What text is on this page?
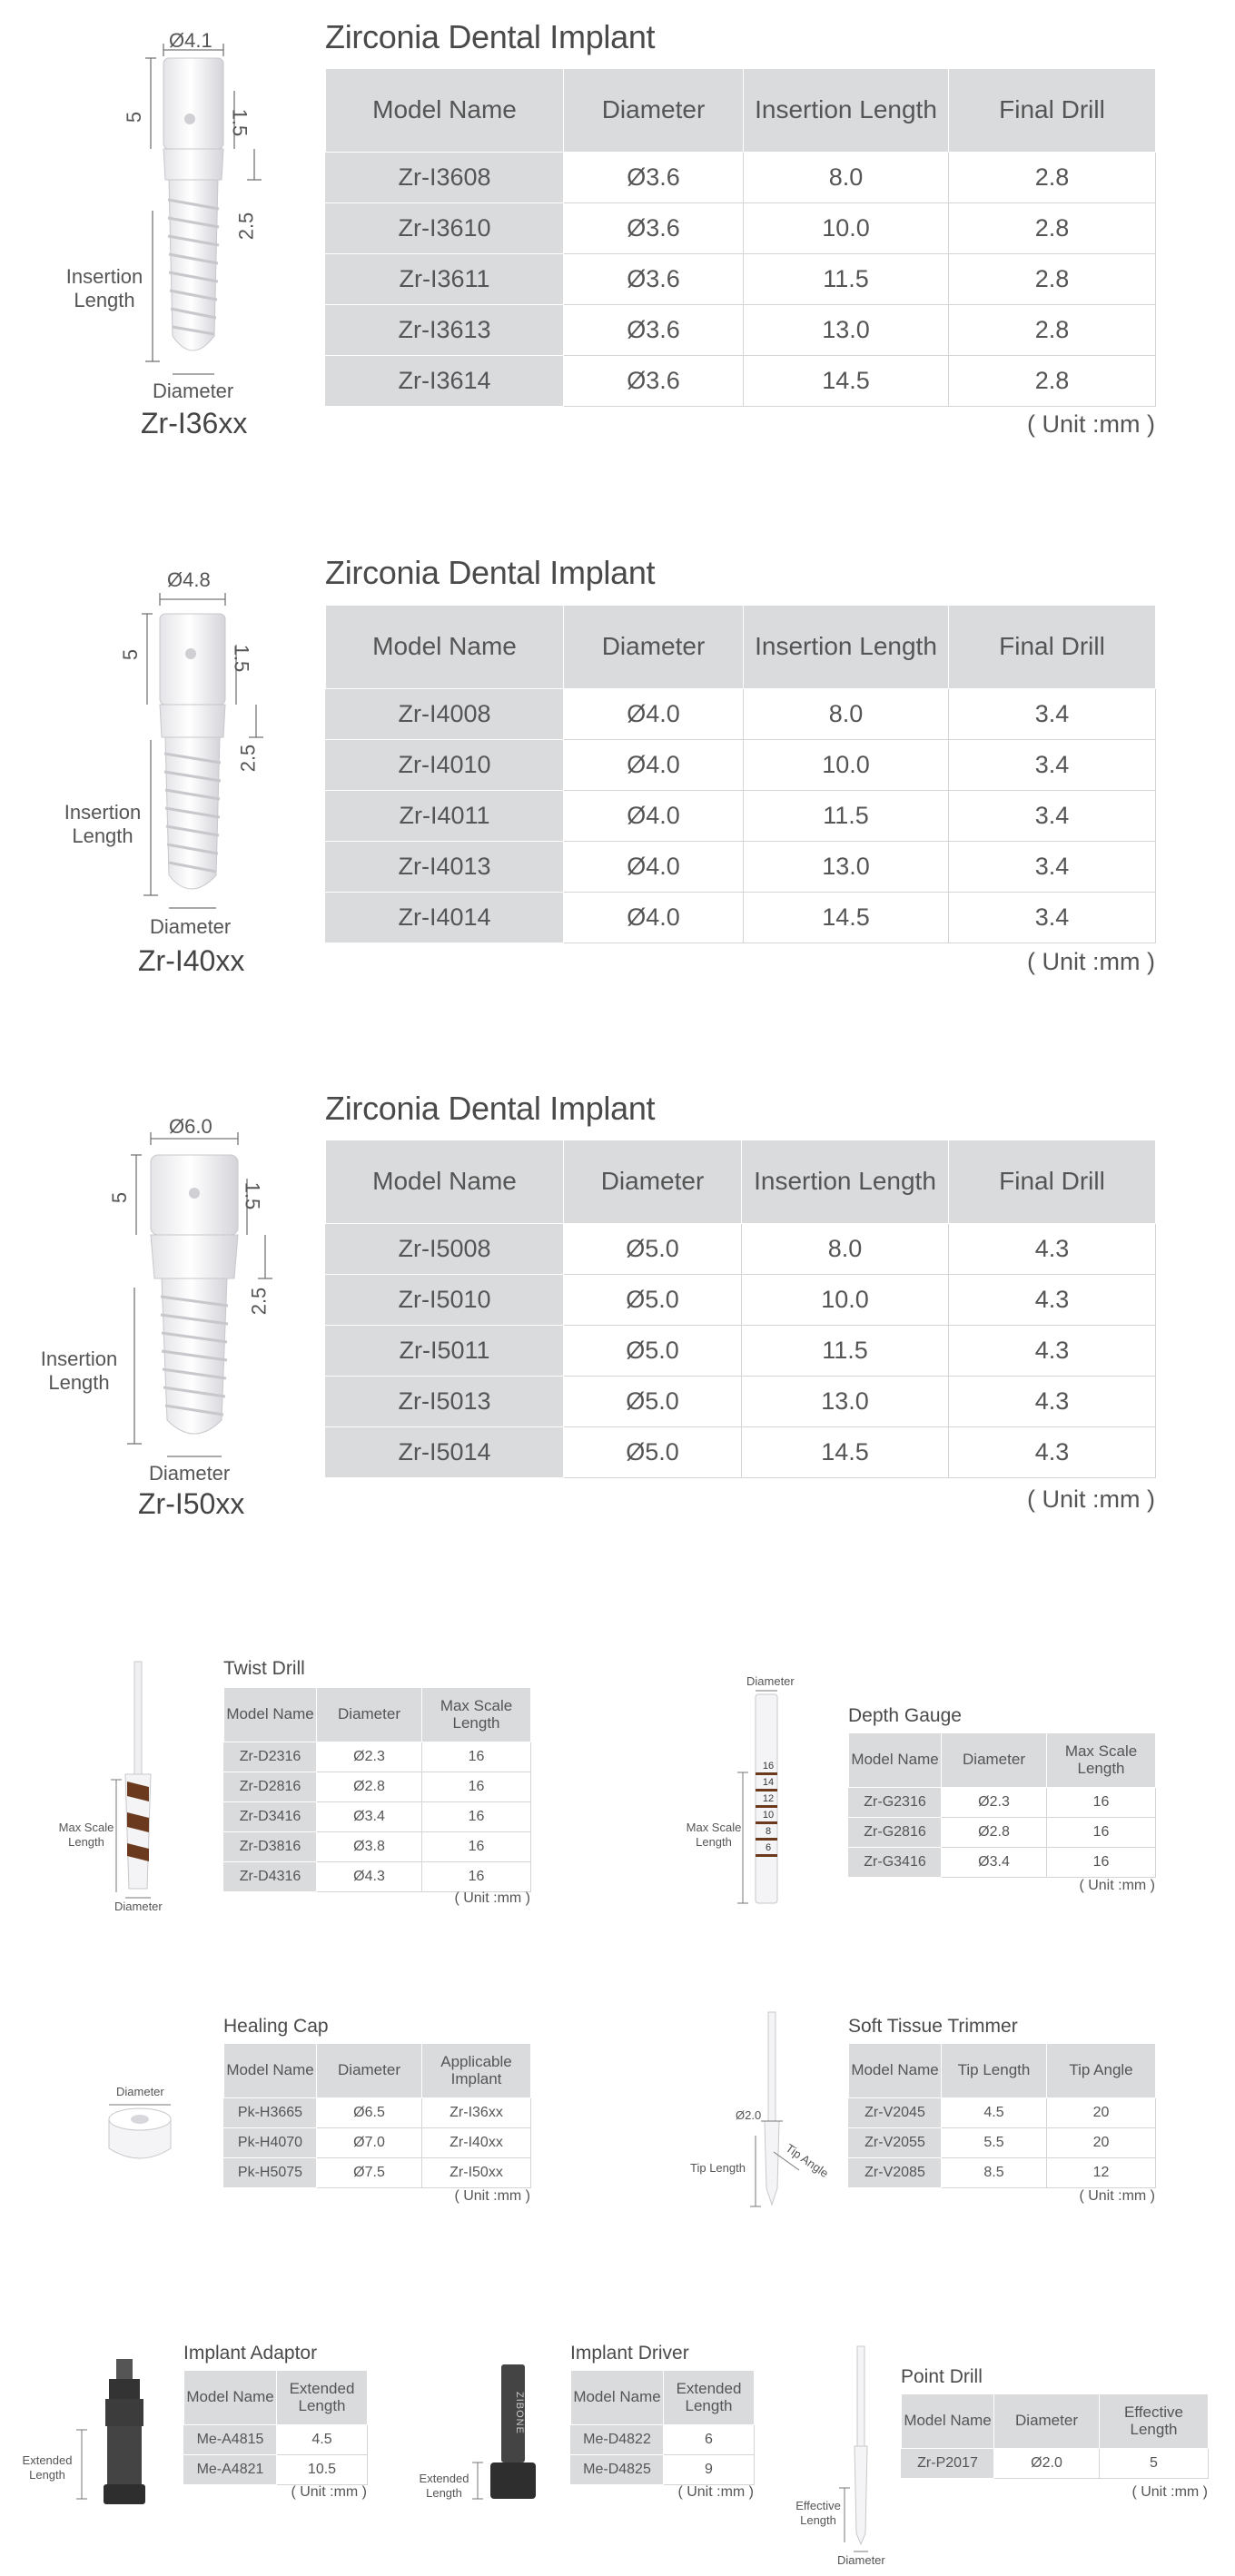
Ø4.1
5	1.5
2.5
Insertion Length
Diameter
Zr-I36xx
Zirconia Dental Implant
Model Name	Diameter	Insertion Length	Final Drill
Zr-I3608	Ø3.6	8.0	2.8
Zr-I3610	Ø3.6	10.0	2.8
Zr-I3611	Ø3.6	11.5	2.8
Zr-I3613	Ø3.6	13.0	2.8
Zr-I3614	Ø3.6	14.5	2.8
( Unit :mm )
Ø4.8
5	1.5
2.5
Insertion Length
Diameter
Zr-I40xx
Zirconia Dental Implant
Model Name	Diameter	Insertion Length	Final Drill
Zr-I4008	Ø4.0	8.0	3.4
Zr-I4010	Ø4.0	10.0	3.4
Zr-I4011	Ø4.0	11.5	3.4
Zr-I4013	Ø4.0	13.0	3.4
Zr-I4014	Ø4.0	14.5	3.4
( Unit :mm )
Ø6.0
5	1.5
2.5
Insertion Length
Diameter
Zr-I50xx
Zirconia Dental Implant
Model Name	Diameter	Insertion Length	Final Drill
Zr-I5008	Ø5.0	8.0	4.3
Zr-I5010	Ø5.0	10.0	4.3
Zr-I5011	Ø5.0	11.5	4.3
Zr-I5013	Ø5.0	13.0	4.3
Zr-I5014	Ø5.0	14.5	4.3
( Unit :mm )
Max Scale Length
Diameter
Twist Drill
Model Name	Diameter	Max Scale Length
Zr-D2316	Ø2.3	16
Zr-D2816	Ø2.8	16
Zr-D3416	Ø3.4	16
Zr-D3816	Ø3.8	16
Zr-D4316	Ø4.3	16
( Unit :mm )
Diameter
Max Scale Length
16
14
12
10
8
6
Depth Gauge
Model Name	Diameter	Max Scale Length
Zr-G2316	Ø2.3	16
Zr-G2816	Ø2.8	16
Zr-G3416	Ø3.4	16
( Unit :mm )
Diameter
Healing Cap
Model Name	Diameter	Applicable Implant
Pk-H3665	Ø6.5	Zr-I36xx
Pk-H4070	Ø7.0	Zr-I40xx
Pk-H5075	Ø7.5	Zr-I50xx
( Unit :mm )
Ø2.0
Tip Length	Tip Angle
Soft Tissue Trimmer
Model Name	Tip Length	Tip Angle
Zr-V2045	4.5	20
Zr-V2055	5.5	20
Zr-V2085	8.5	12
( Unit :mm )
Extended Length
Implant Adaptor
Model Name	Extended Length
Me-A4815	4.5
Me-A4821	10.5
( Unit :mm )
ZIBONE
Extended Length
Implant Driver
Model Name	Extended Length
Me-D4822	6
Me-D4825	9
( Unit :mm )
Effective Length
Diameter
Point Drill
Model Name	Diameter	Effective Length
Zr-P2017	Ø2.0	5
( Unit :mm )
